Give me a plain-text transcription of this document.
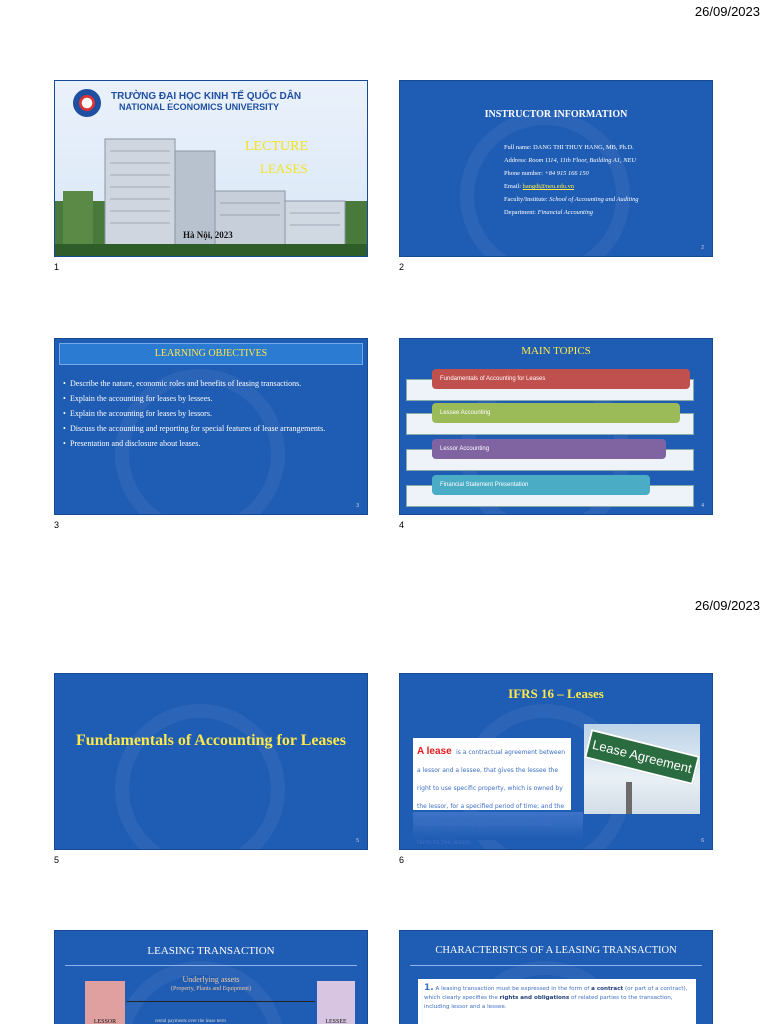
26/09/2023
TRƯỜNG ĐẠI HỌC KINH TẾ QUỐC DÂN
NATIONAL ECONOMICS UNIVERSITY
LECTURE
LEASES
Hà Nội, 2023
1
INSTRUCTOR INFORMATION
Full name: DANG THI THUY HANG, MB, Ph.D.
Address: Room 1114, 11th Floor, Building A1, NEU
Phone number: +84 915 166 150
Email: hangdt@neu.edu.vn
Faculty/Institute: School of Accounting and Auditing
Department: Financial Accounting
2
2
LEARNING OBJECTIVES
• Describe the nature, economic roles and benefits of leasing transactions.
• Explain the accounting for leases by lessees.
• Explain the accounting for leases by lessors.
• Discuss the accounting and reporting for special features of lease arrangements.
• Presentation and disclosure about leases.
3
3
MAIN TOPICS
Fundamentals of Accounting for Leases
Lessee Accounting
Lessor Accounting
Financial Statement Presentation
4
4
26/09/2023
Fundamentals of Accounting for Leases
5
5
IFRS 16 – Leases
A lease is a contractual agreement between a lessor and a lessee, that gives the lessee the right to use specific property, which is owned by the lessor, for a specified period of time; and the lessee makes rental payments over the lease term to the lessor.
Lease Agreement
6
6
LEASING TRANSACTION
Underlying assets
(Property, Plants and Equipment)
LESSOR	LESSEE
rental payments over the lease term
CHARACTERISTCS OF A LEASING TRANSACTION
1. A leasing transaction must be expressed in the form of a contract (or part of a contract), which clearly specifies the rights and obligations of related parties to the transaction, including lessor and a lessee.
